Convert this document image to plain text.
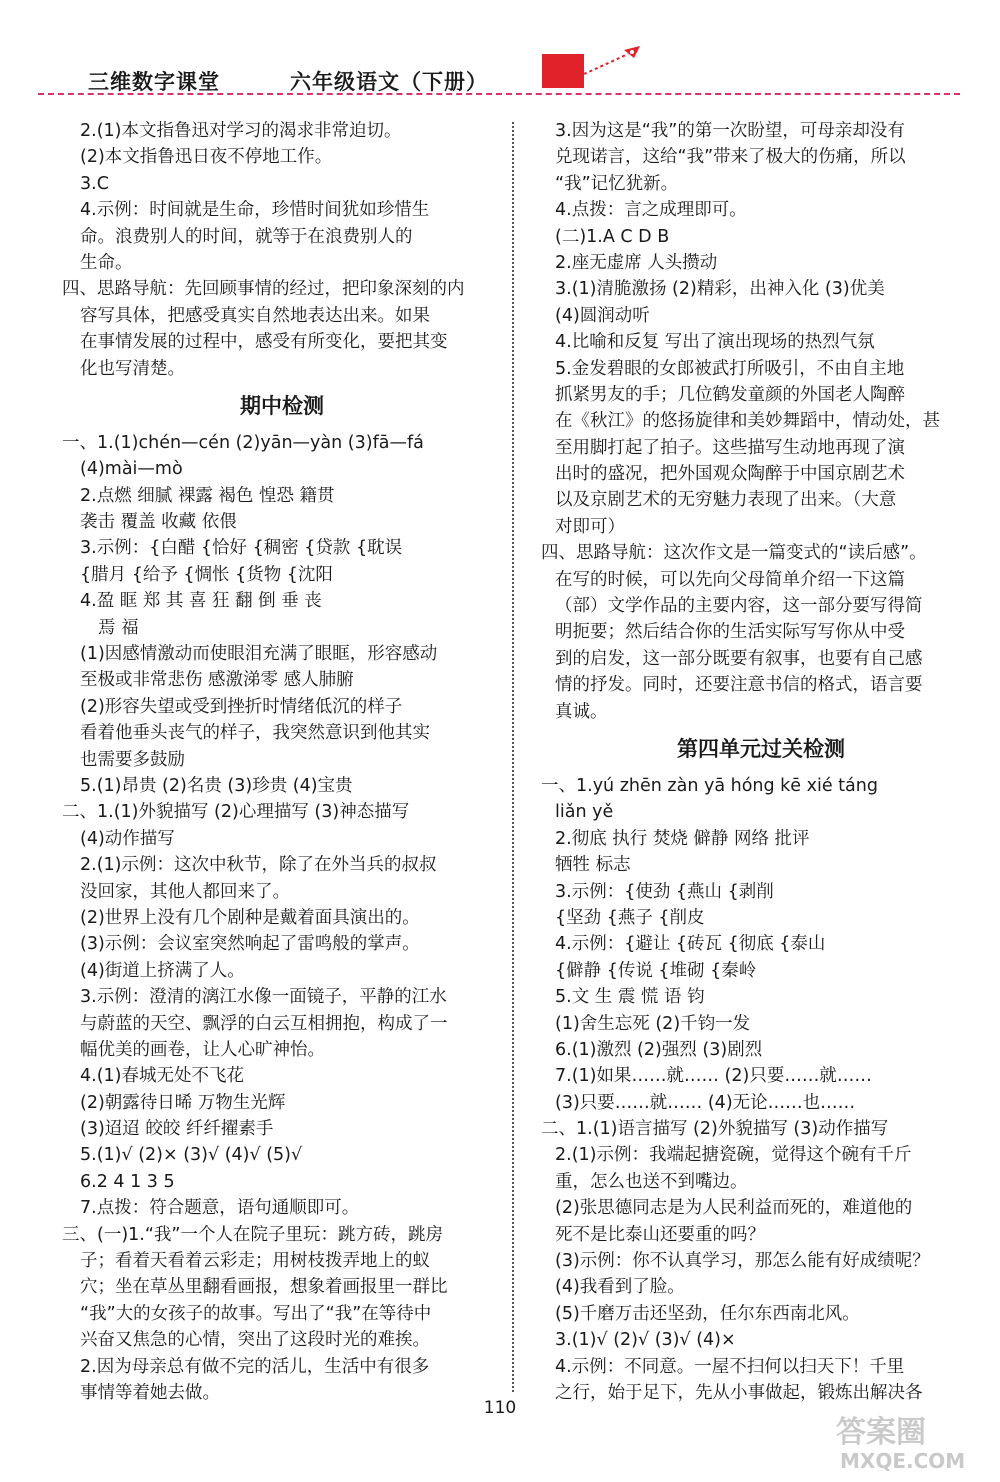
三维数字课堂	六年级语文（下册）
2.(1)本文指鲁迅对学习的渴求非常迫切。
(2)本文指鲁迅日夜不停地工作。
3.C
4.示例：时间就是生命，珍惜时间犹如珍惜生
命。浪费别人的时间，就等于在浪费别人的
生命。
四、思路导航：先回顾事情的经过，把印象深刻的内
容写具体，把感受真实自然地表达出来。如果
在事情发展的过程中，感受有所变化，要把其变
化也写清楚。
期中检测
一、1.(1)chén—cén (2)yān—yàn (3)fā—fá
(4)mài—mò
2.点燃 细腻 裸露 褐色 惶恐 籍贯
袭击 覆盖 收藏 依偎
3.示例：{白醋 {恰好 {稠密 {贷款 {耽误
{腊月 {给予 {惆怅 {货物 {沈阳
4.盈 眶 郑 其 喜 狂 翻 倒 垂 丧
焉 福
(1)因感情激动而使眼泪充满了眼眶，形容感动
至极或非常悲伤 感激涕零 感人肺腑
(2)形容失望或受到挫折时情绪低沉的样子
看着他垂头丧气的样子，我突然意识到他其实
也需要多鼓励
5.(1)昂贵 (2)名贵 (3)珍贵 (4)宝贵
二、1.(1)外貌描写 (2)心理描写 (3)神态描写
(4)动作描写
2.(1)示例：这次中秋节，除了在外当兵的叔叔
没回家，其他人都回来了。
(2)世界上没有几个剧种是戴着面具演出的。
(3)示例：会议室突然响起了雷鸣般的掌声。
(4)街道上挤满了人。
3.示例：澄清的漓江水像一面镜子，平静的江水
与蔚蓝的天空、飘浮的白云互相拥抱，构成了一
幅优美的画卷，让人心旷神怡。
4.(1)春城无处不飞花
(2)朝露待日晞 万物生光辉
(3)迢迢 皎皎 纤纤擢素手
5.(1)√ (2)× (3)√ (4)√ (5)√
6.2 4 1 3 5
7.点拨：符合题意，语句通顺即可。
三、(一)1.“我”一个人在院子里玩：跳方砖，跳房
子；看着天看着云彩走；用树枝拨弄地上的蚁
穴；坐在草丛里翻看画报，想象着画报里一群比
“我”大的女孩子的故事。写出了“我”在等待中
兴奋又焦急的心情，突出了这段时光的难挨。
2.因为母亲总有做不完的活儿，生活中有很多
事情等着她去做。
3.因为这是“我”的第一次盼望，可母亲却没有
兑现诺言，这给“我”带来了极大的伤痛，所以
“我”记忆犹新。
4.点拨：言之成理即可。
(二)1.A C D B
2.座无虚席 人头攒动
3.(1)清脆激扬 (2)精彩，出神入化 (3)优美
(4)圆润动听
4.比喻和反复 写出了演出现场的热烈气氛
5.金发碧眼的女郎被武打所吸引，不由自主地
抓紧男友的手；几位鹤发童颜的外国老人陶醉
在《秋江》的悠扬旋律和美妙舞蹈中，情动处，甚
至用脚打起了拍子。这些描写生动地再现了演
出时的盛况，把外国观众陶醉于中国京剧艺术
以及京剧艺术的无穷魅力表现了出来。（大意
对即可）
四、思路导航：这次作文是一篇变式的“读后感”。
在写的时候，可以先向父母简单介绍一下这篇
（部）文学作品的主要内容，这一部分要写得简
明扼要；然后结合你的生活实际写写你从中受
到的启发，这一部分既要有叙事，也要有自己感
情的抒发。同时，还要注意书信的格式，语言要
真诚。
第四单元过关检测
一、1.yú zhēn zàn yā hóng kē xié táng
liǎn yě
2.彻底 执行 焚烧 僻静 网络 批评
牺牲 标志
3.示例：{使劲 {燕山 {剥削
{坚劲 {燕子 {削皮
4.示例：{避让 {砖瓦 {彻底 {泰山
{僻静 {传说 {堆砌 {秦岭
5.文 生 震 慌 语 钧
(1)舍生忘死 (2)千钧一发
6.(1)激烈 (2)强烈 (3)剧烈
7.(1)如果……就…… (2)只要……就……
(3)只要……就…… (4)无论……也……
二、1.(1)语言描写 (2)外貌描写 (3)动作描写
2.(1)示例：我端起搪瓷碗，觉得这个碗有千斤
重，怎么也送不到嘴边。
(2)张思德同志是为人民利益而死的，难道他的
死不是比泰山还要重的吗？
(3)示例：你不认真学习，那怎么能有好成绩呢？
(4)我看到了脸。
(5)千磨万击还坚劲，任尔东西南北风。
3.(1)√ (2)√ (3)√ (4)×
4.示例：不同意。一屋不扫何以扫天下！千里
之行，始于足下，先从小事做起，锻炼出解决各
110
答案圈
MXQE.COM
